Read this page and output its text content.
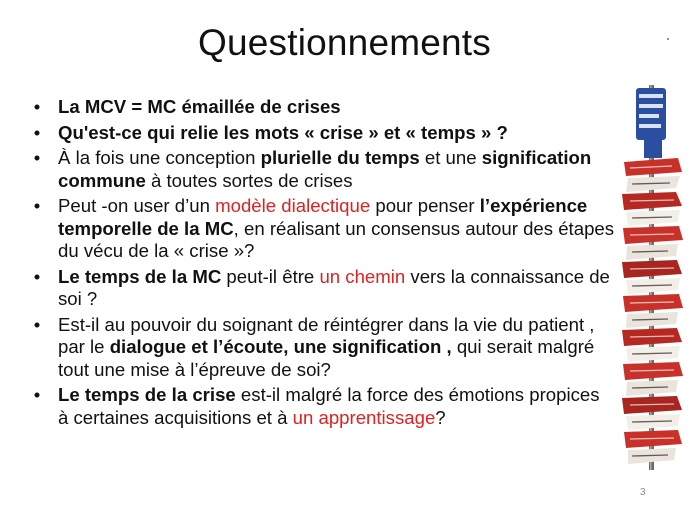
Questionnements
• La MCV = MC émaillée de crises
• Qu'est-ce qui relie les mots « crise » et « temps » ?
• À la fois une conception plurielle du temps et une signification commune à toutes sortes de crises
• Peut -on user d’un modèle dialectique pour penser l’expérience temporelle de la MC, en réalisant un consensus autour des étapes du vécu de la « crise »?
• Le temps de la MC peut-il être un chemin vers la connaissance de soi ?
• Est-il au pouvoir du soignant de réintégrer dans la vie du patient , par le dialogue et l’écoute, une signification , qui serait malgré tout une mise à l’épreuve de soi?
• Le temps de la crise est-il malgré la force des émotions propices à certaines acquisitions et à un apprentissage?
3
